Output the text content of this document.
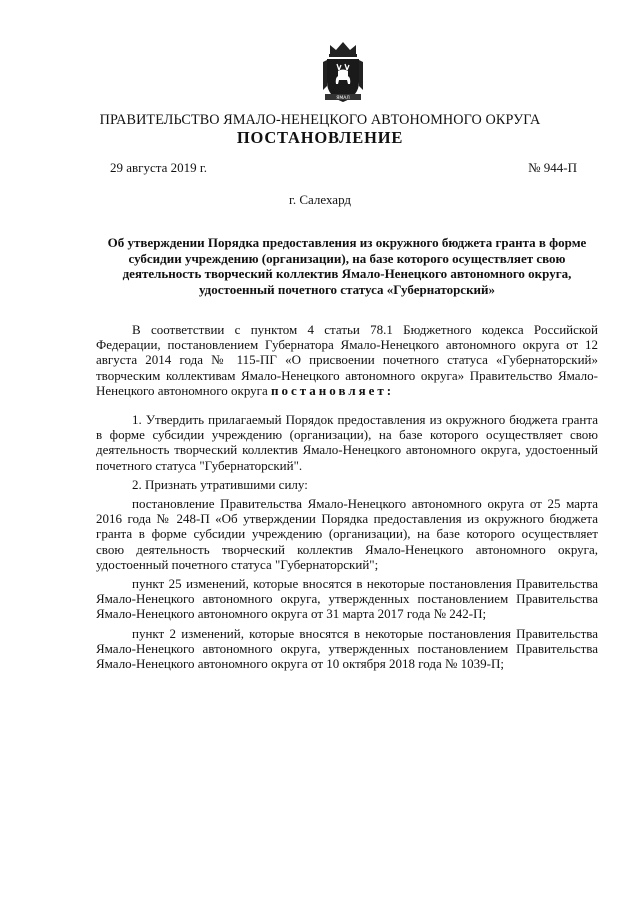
ЯМАЛ
ПРАВИТЕЛЬСТВО ЯМАЛО-НЕНЕЦКОГО АВТОНОМНОГО ОКРУГА
ПОСТАНОВЛЕНИЕ
29 августа 2019 г.	№ 944-П
г. Салехард
Об утверждении Порядка предоставления из окружного бюджета гранта в форме субсидии учреждению (организации), на базе которого осуществляет свою деятельность творческий коллектив Ямало-Ненецкого автономного округа, удостоенный почетного статуса «Губернаторский»

В соответствии с пунктом 4 статьи 78.1 Бюджетного кодекса Российской Федерации, постановлением Губернатора Ямало-Ненецкого автономного округа от 12 августа 2014 года № 115-ПГ «О присвоении почетного статуса «Губернаторский» творческим коллективам Ямало-Ненецкого автономного округа» Правительство Ямало-Ненецкого автономного округа постановляет:

1. Утвердить прилагаемый Порядок предоставления из окружного бюджета гранта в форме субсидии учреждению (организации), на базе которого осуществляет свою деятельность творческий коллектив Ямало-Ненецкого автономного округа, удостоенный почетного статуса "Губернаторский".

2. Признать утратившими силу:

постановление Правительства Ямало-Ненецкого автономного округа от 25 марта 2016 года № 248-П «Об утверждении Порядка предоставления из окружного бюджета гранта в форме субсидии учреждению (организации), на базе которого осуществляет свою деятельность творческий коллектив Ямало-Ненецкого автономного округа, удостоенный почетного статуса "Губернаторский";

пункт 25 изменений, которые вносятся в некоторые постановления Правительства Ямало-Ненецкого автономного округа, утвержденных постановлением Правительства Ямало-Ненецкого автономного округа от 31 марта 2017 года № 242-П;

пункт 2 изменений, которые вносятся в некоторые постановления Правительства Ямало-Ненецкого автономного округа, утвержденных постановлением Правительства Ямало-Ненецкого автономного округа от 10 октября 2018 года № 1039-П;
